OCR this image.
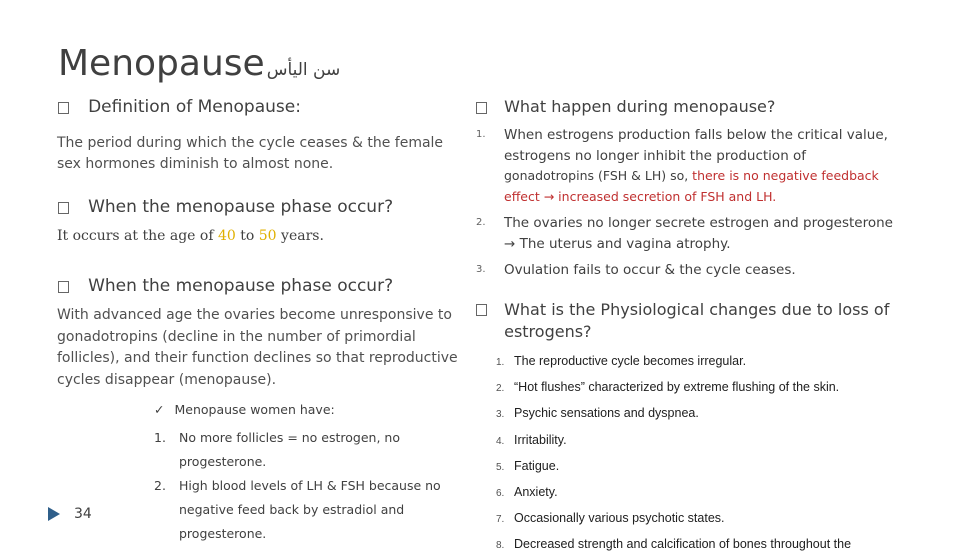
Menopause سن اليأس
Definition of Menopause:
The period during which the cycle ceases & the female sex hormones diminish to almost none.
When the menopause phase occur?
It occurs at the age of 40 to 50 years.
When the menopause phase occur?
With advanced age the ovaries become unresponsive to gonadotropins (decline in the number of primordial follicles), and their function declines so that reproductive cycles disappear (menopause).
✓ Menopause women have:
1. No more follicles = no estrogen, no
progesterone.
2. High blood levels of LH & FSH because no
negative feed back by estradiol and
progesterone.
34
What happen during menopause?
1. When estrogens production falls below the critical value,
estrogens no longer inhibit the production of
gonadotropins (FSH & LH) so, there is no negative feedback
effect → increased secretion of FSH and LH.
2. The ovaries no longer secrete estrogen and progesterone
→ The uterus and vagina atrophy.
3. Ovulation fails to occur & the cycle ceases.
What is the Physiological changes due to loss of
estrogens?
1. The reproductive cycle becomes irregular.
2. “Hot flushes” characterized by extreme flushing of the skin.
3. Psychic sensations and dyspnea.
4. Irritability.
5. Fatigue.
6. Anxiety.
7. Occasionally various psychotic states.
8. Decreased strength and calcification of bones throughout the
